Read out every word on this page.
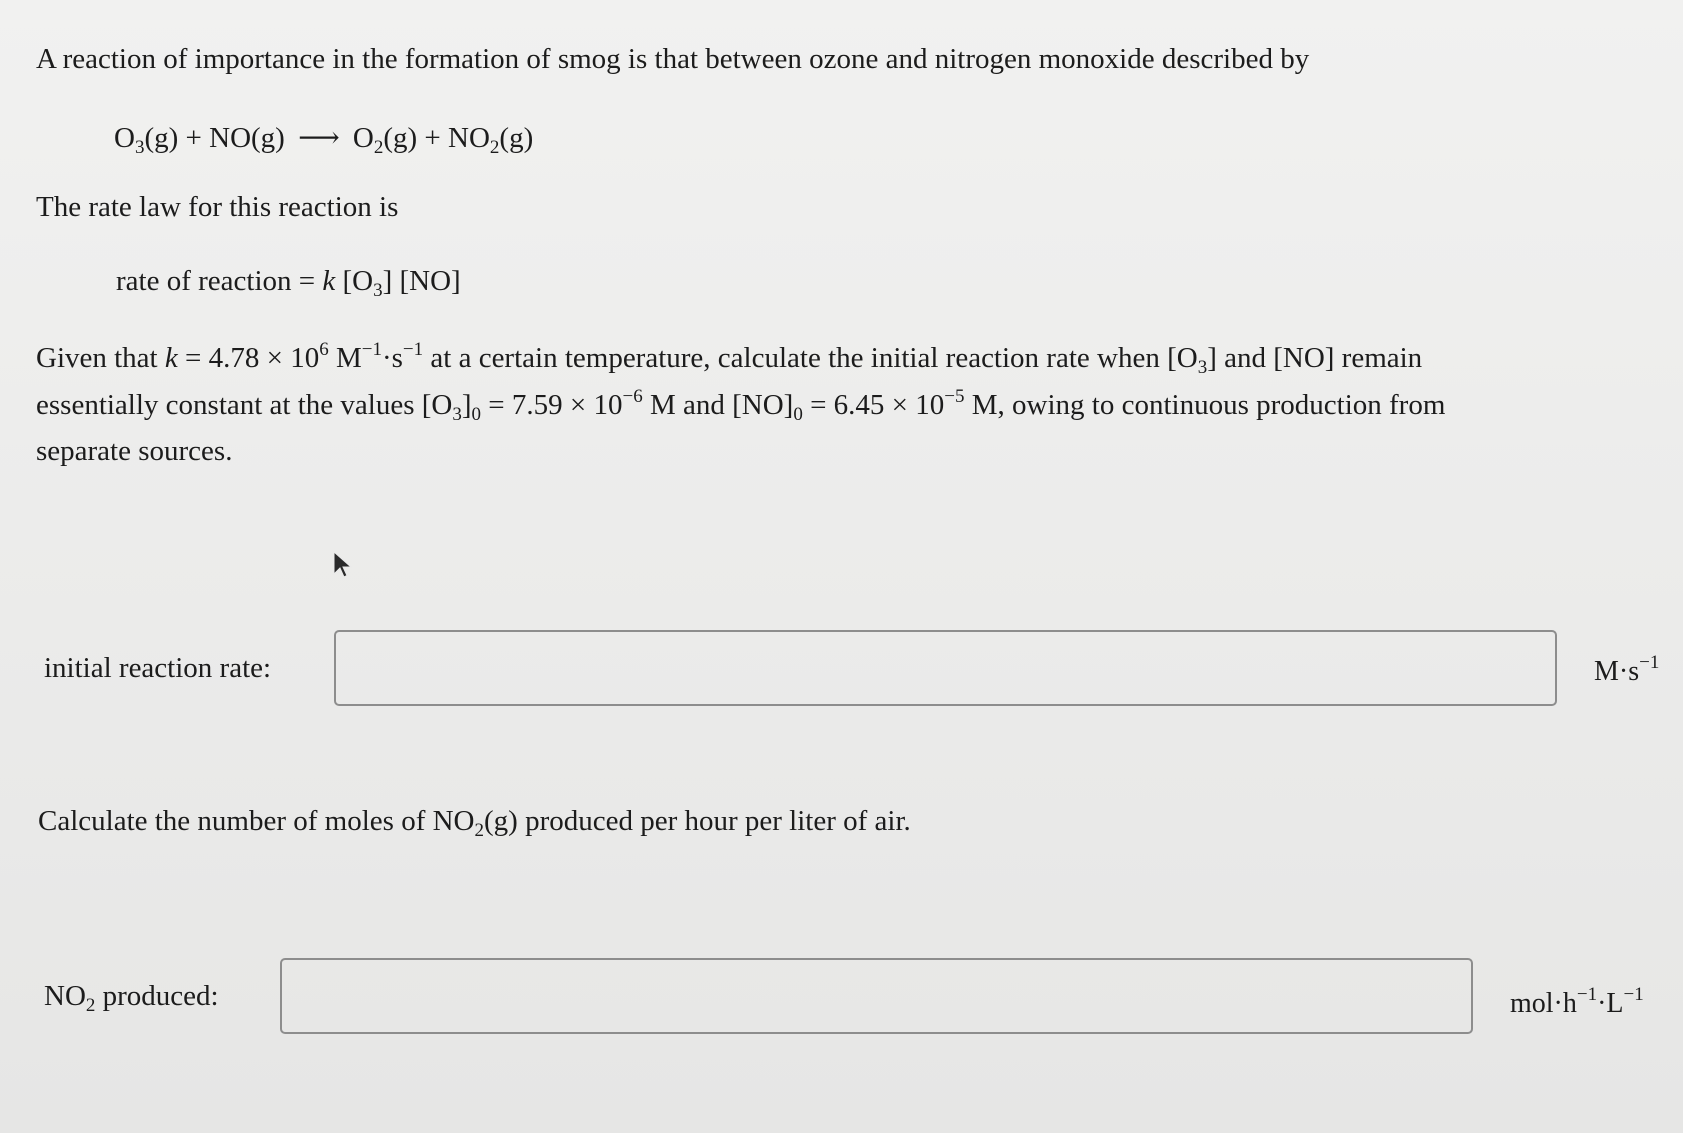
A reaction of importance in the formation of smog is that between ozone and nitrogen monoxide described by
$O_3(g) + NO(g)$ ⟶ $O_2(g) + NO_2(g)$
The rate law for this reaction is
rate of reaction = k $[O_3]$ [NO]
Given that $k = 4.78 \times 10^6$ $M^{-1}\cdot s^{-1}$ at a certain temperature, calculate the initial reaction rate when $[O_3]$ and [NO] remain
essentially constant at the values $[O_3]_0 = 7.59 \times 10^{-6}$ M and $[NO]_0 = 6.45 \times 10^{-5}$ M, owing to continuous production from
separate sources.
initial reaction rate:	$M\cdot s^{-1}$
Calculate the number of moles of $NO_2(g)$ produced per hour per liter of air.
$NO_2$ produced:	$mol\cdot h^{-1}\cdot L^{-1}$
